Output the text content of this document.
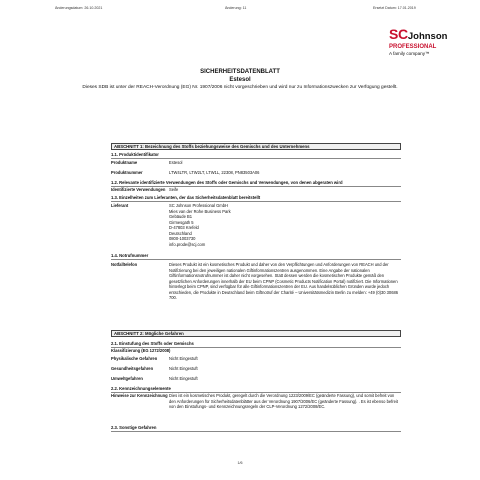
Änderungsdatum: 26.10.2021	Änderung: 11	Ersetzt Datum: 17.01.2019
SCJohnson
PROFESSIONAL
A family company™
SICHERHEITSDATENBLATT
Estesol
Dieses SDB ist unter der REACH-Verordnung (EG) Nr. 1907/2006 nicht vorgeschrieben und wird nur zu Informationszwecken zur Verfügung gestellt.
ABSCHNITT 1: Bezeichnung des Stoffs beziehungsweise des Gemischs und des Unternehmens
1.1. Produktidentifikator
Produktname	Estesol
Produktnummer	LTW4LTR, LTW2LT, LTW1L, 22308, PN83503A06
1.2. Relevante identifizierte Verwendungen des Stoffs oder Gemischs und Verwendungen, von denen abgeraten wird
Identifizierte Verwendungen Seife
1.3. Einzelheiten zum Lieferanten, der das Sicherheitsdatenblatt bereitstellt
Lieferant	SC Johnson Professional GmbH
Mies van der Rohe Business Park
Gebäude B1
Girmesgath 5
D-47803 Krefeld
Deutschland
0800-1003730
info.prode@scj.com
1.4. Notrufnummer
Notfalltelefon	Dieses Produkt ist ein kosmetisches Produkt und daher von den Verpflichtungen und Anforderungen von REACH und der Notifizierung bei den jeweiligen nationalen Giftinformationszentren ausgenommen. Eine Angabe der nationalen Giftinformationsnotrufnummer ist daher nicht vorgesehen. Statt dessen werden die kosmetischen Produkte gemäß den gesetzlichen Anforderungen innerhalb der EU beim CPNP (Cosmetic Products Notification Portal) notifiziert. Die Informationen hinterlegt beim CPNP, sind verfügbar für alle Giftinformationszentren der EU. Aus handelsüblichen Gründen wurde jedoch entschieden, die Produkte in Deutschland beim Giftnotruf der Charité – Universitätsmedizin Berlin zu melden: +49 (0)30 30686 700.
ABSCHNITT 2: Mögliche Gefahren
2.1. Einstufung des Stoffs oder Gemischs
Klassifizierung (EG 1272/2008)
Physikalische Gefahren	Nicht Eingestuft
Gesundheitsgefahren	Nicht Eingestuft
Umweltgefahren	Nicht Eingestuft
2.2. Kennzeichnungselemente
Hinweise zur Kennzeichnung Dies ist ein kosmetisches Produkt, geregelt durch die Verordnung 1223/2009/EC (geänderte Fassung), und somit befreit von den Anforderungen für Sicherheitsdatenblätter aus der Verordnung 1907/2006/EC (geänderte Fassung). . Es ist ebenso befreit von den Einstufungs- und Kennzeichnungsregeln der CLP-Verordnung 1272/2008/EC.
2.3. Sonstige Gefahren
1/6
